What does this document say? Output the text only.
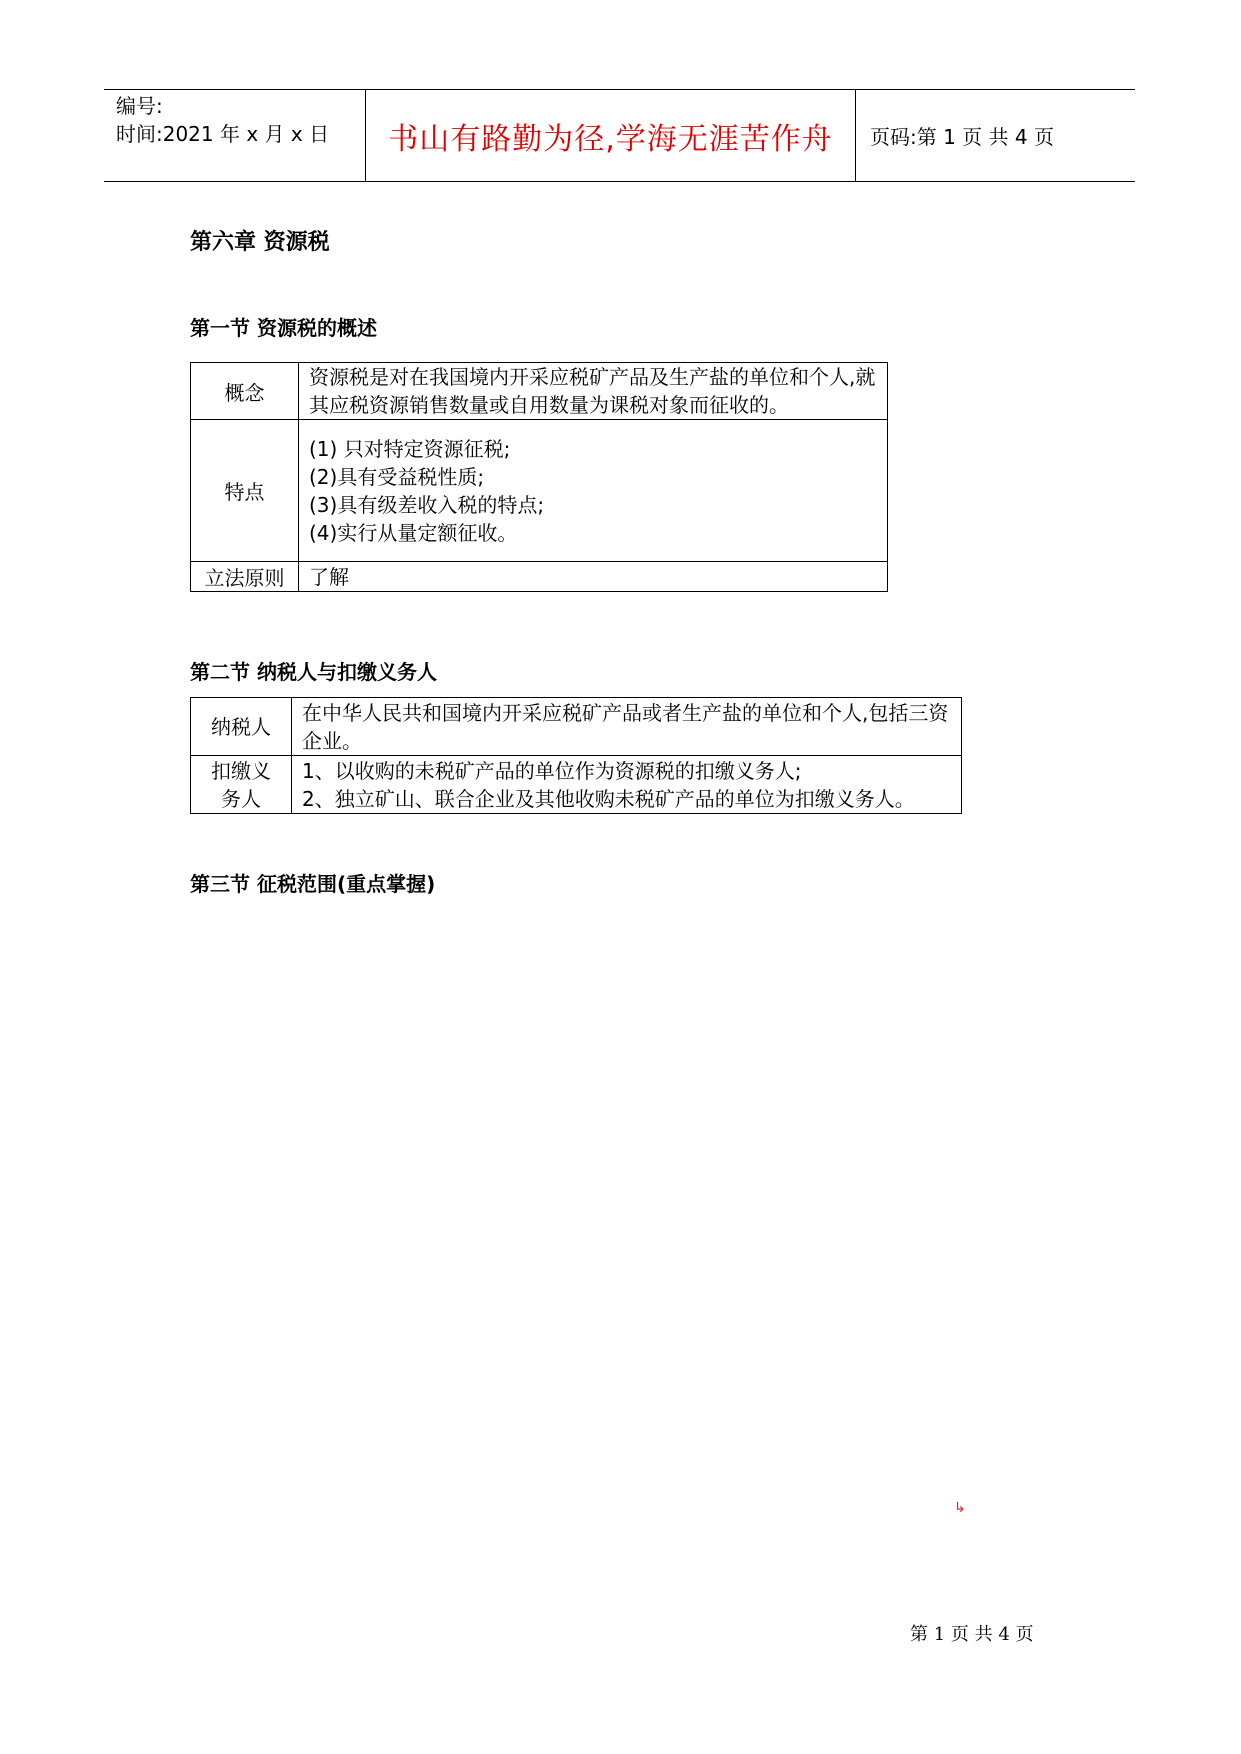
编号:
时间:2021 年 x 月 x 日	书山有路勤为径,学海无涯苦作舟	页码:第 1 页 共 4 页
第六章 资源税
第一节 资源税的概述
概念	资源税是对在我国境内开采应税矿产品及生产盐的单位和个人,就其应税资源销售数量或自用数量为课税对象而征收的。
特点	(1) 只对特定资源征税;
(2)具有受益税性质;
(3)具有级差收入税的特点;
(4)实行从量定额征收。

立法原则	了解
第二节 纳税人与扣缴义务人
纳税人	在中华人民共和国境内开采应税矿产品或者生产盐的单位和个人,包括三资企业。

扣缴义务人	1、以收购的未税矿产品的单位作为资源税的扣缴义务人;
2、独立矿山、联合企业及其他收购未税矿产品的单位为扣缴义务人。
第三节 征税范围(重点掌握)
↳
第 1 页 共 4 页
